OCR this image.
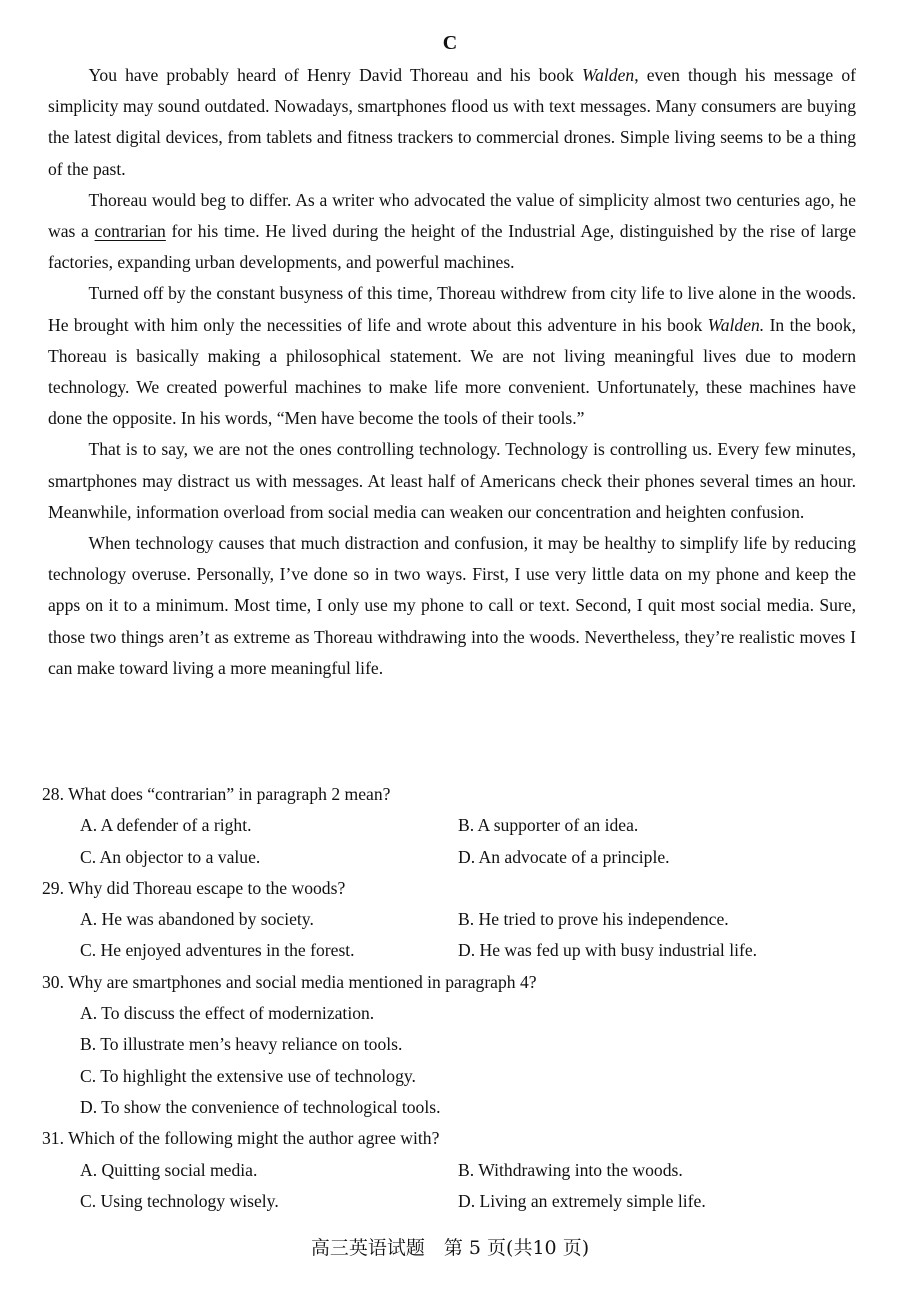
C

You have probably heard of Henry David Thoreau and his book Walden, even though his message of simplicity may sound outdated. Nowadays, smartphones flood us with text messages. Many consumers are buying the latest digital devices, from tablets and fitness trackers to commercial drones. Simple living seems to be a thing of the past.

Thoreau would beg to differ. As a writer who advocated the value of simplicity almost two centuries ago, he was a contrarian for his time. He lived during the height of the Industrial Age, distinguished by the rise of large factories, expanding urban developments, and powerful machines.

Turned off by the constant busyness of this time, Thoreau withdrew from city life to live alone in the woods. He brought with him only the necessities of life and wrote about this adventure in his book Walden. In the book, Thoreau is basically making a philosophical statement. We are not living meaningful lives due to modern technology. We created powerful machines to make life more convenient. Unfortunately, these machines have done the opposite. In his words, “Men have become the tools of their tools.”

That is to say, we are not the ones controlling technology. Technology is controlling us. Every few minutes, smartphones may distract us with messages. At least half of Americans check their phones several times an hour. Meanwhile, information overload from social media can weaken our concentration and heighten confusion.

When technology causes that much distraction and confusion, it may be healthy to simplify life by reducing technology overuse. Personally, I’ve done so in two ways. First, I use very little data on my phone and keep the apps on it to a minimum. Most time, I only use my phone to call or text. Second, I quit most social media. Sure, those two things aren’t as extreme as Thoreau withdrawing into the woods. Nevertheless, they’re realistic moves I can make toward living a more meaningful life.

28. What does “contrarian” in paragraph 2 mean?

A. A defender of a right.	B. A supporter of an idea.
C. An objector to a value.	D. An advocate of a principle.

29. Why did Thoreau escape to the woods?

A. He was abandoned by society.	B. He tried to prove his independence.
C. He enjoyed adventures in the forest.	D. He was fed up with busy industrial life.

30. Why are smartphones and social media mentioned in paragraph 4?

A. To discuss the effect of modernization.
B. To illustrate men’s heavy reliance on tools.
C. To highlight the extensive use of technology.
D. To show the convenience of technological tools.

31. Which of the following might the author agree with?

A. Quitting social media.	B. Withdrawing into the woods.
C. Using technology wisely.	D. Living an extremely simple life.
高三英语试题　第 5 页(共10 页)
